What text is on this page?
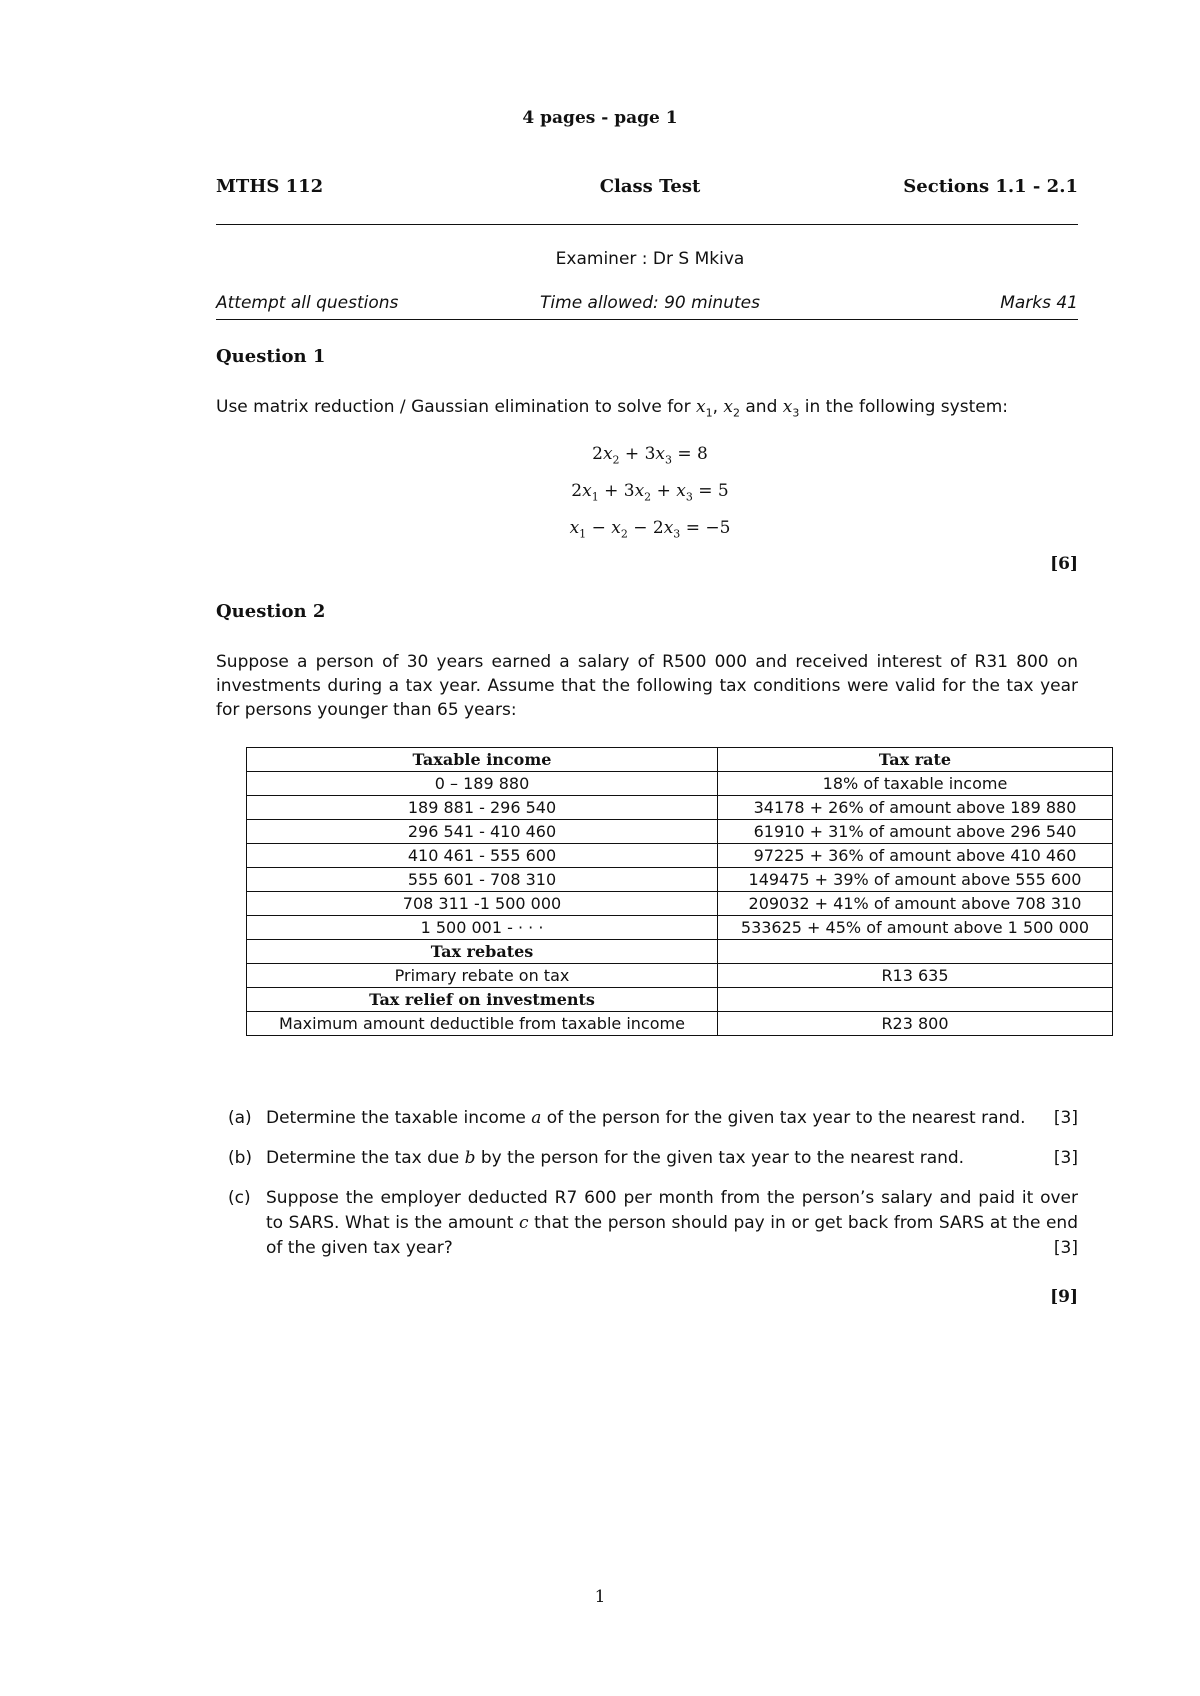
4 pages - page 1
MTHS 112	Class Test	Sections 1.1 - 2.1
Examiner : Dr S Mkiva
Attempt all questions	Time allowed: 90 minutes	Marks 41
Question 1
Use matrix reduction / Gaussian elimination to solve for $x_1$, $x_2$ and $x_3$ in the following system:
$2x_2 + 3x_3 = 8$
$2x_1 + 3x_2 + x_3 = 5$
$x_1 - x_2 - 2x_3 = -5$
[6]
Question 2
Suppose a person of 30 years earned a salary of R500 000 and received interest of R31 800 on investments during a tax year. Assume that the following tax conditions were valid for the tax year for persons younger than 65 years:
Taxable income	Tax rate
0 – 189 880	18% of taxable income
189 881 - 296 540	34178 + 26% of amount above 189 880
296 541 - 410 460	61910 + 31% of amount above 296 540
410 461 - 555 600	97225 + 36% of amount above 410 460
555 601 - 708 310	149475 + 39% of amount above 555 600
708 311 -1 500 000	209032 + 41% of amount above 708 310
1 500 001 - · · ·	533625 + 45% of amount above 1 500 000
Tax rebates	
Primary rebate on tax	R13 635
Tax relief on investments	
Maximum amount deductible from taxable income	R23 800
(a) Determine the taxable income a of the person for the given tax year to the nearest rand.	[3]
(b) Determine the tax due b by the person for the given tax year to the nearest rand.	[3]
(c) Suppose the employer deducted R7 600 per month from the person’s salary and paid it over to SARS. What is the amount c that the person should pay in or get back from SARS at the end of the given tax year?	[3]
[9]
1
